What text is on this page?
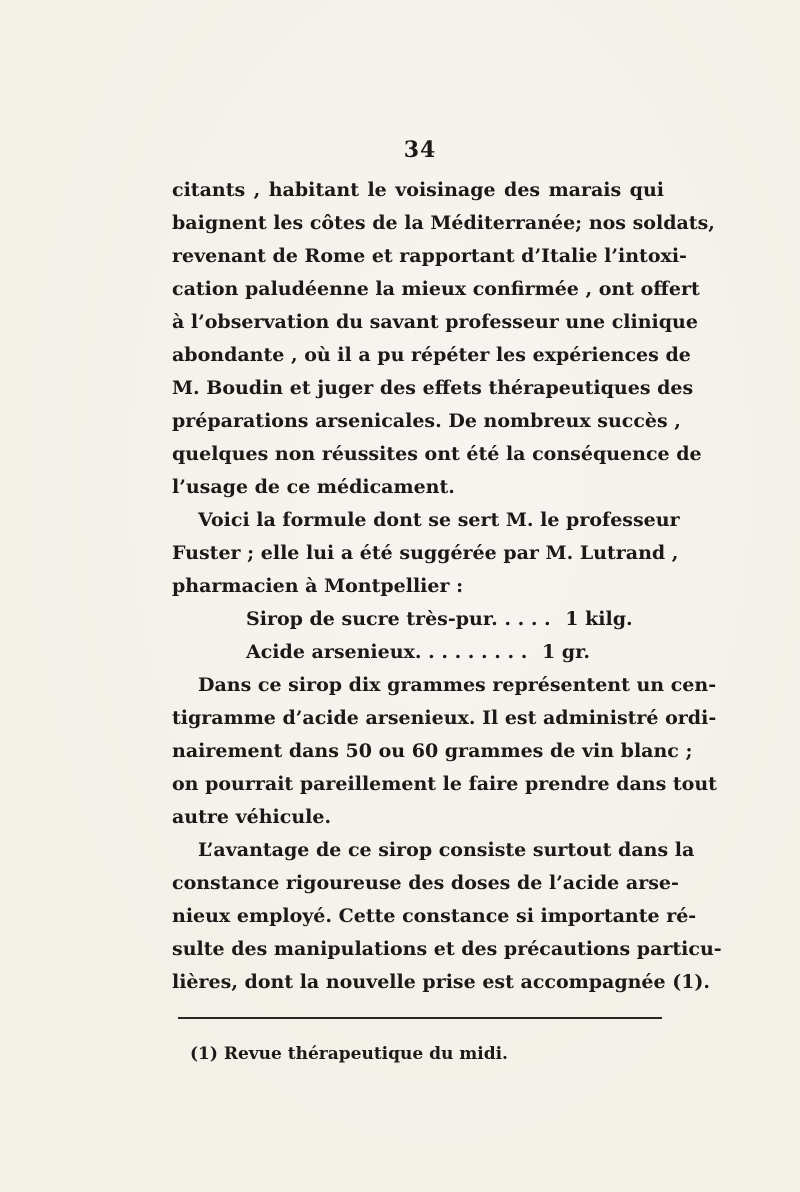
34
citants , habitant le voisinage des marais qui
baignent les côtes de la Méditerranée; nos soldats,
revenant de Rome et rapportant d’Italie l’intoxi-
cation paludéenne la mieux confirmée , ont offert
à l’observation du savant professeur une clinique
abondante , où il a pu répéter les expériences de
M. Boudin et juger des effets thérapeutiques des
préparations arsenicales. De nombreux succès ,
quelques non réussites ont été la conséquence de
l’usage de ce médicament.
Voici la formule dont se sert M. le professeur
Fuster ; elle lui a été suggérée par M. Lutrand ,
pharmacien à Montpellier :
Sirop de sucre très-pur. . . . . 1 kilg.
Acide arsenieux. . . . . . . . . 1 gr.
Dans ce sirop dix grammes représentent un cen-
tigramme d’acide arsenieux. Il est administré ordi-
nairement dans 50 ou 60 grammes de vin blanc ;
on pourrait pareillement le faire prendre dans tout
autre véhicule.
L’avantage de ce sirop consiste surtout dans la
constance rigoureuse des doses de l’acide arse-
nieux employé. Cette constance si importante ré-
sulte des manipulations et des précautions particu-
lières, dont la nouvelle prise est accompagnée (1).
(1) Revue thérapeutique du midi.
